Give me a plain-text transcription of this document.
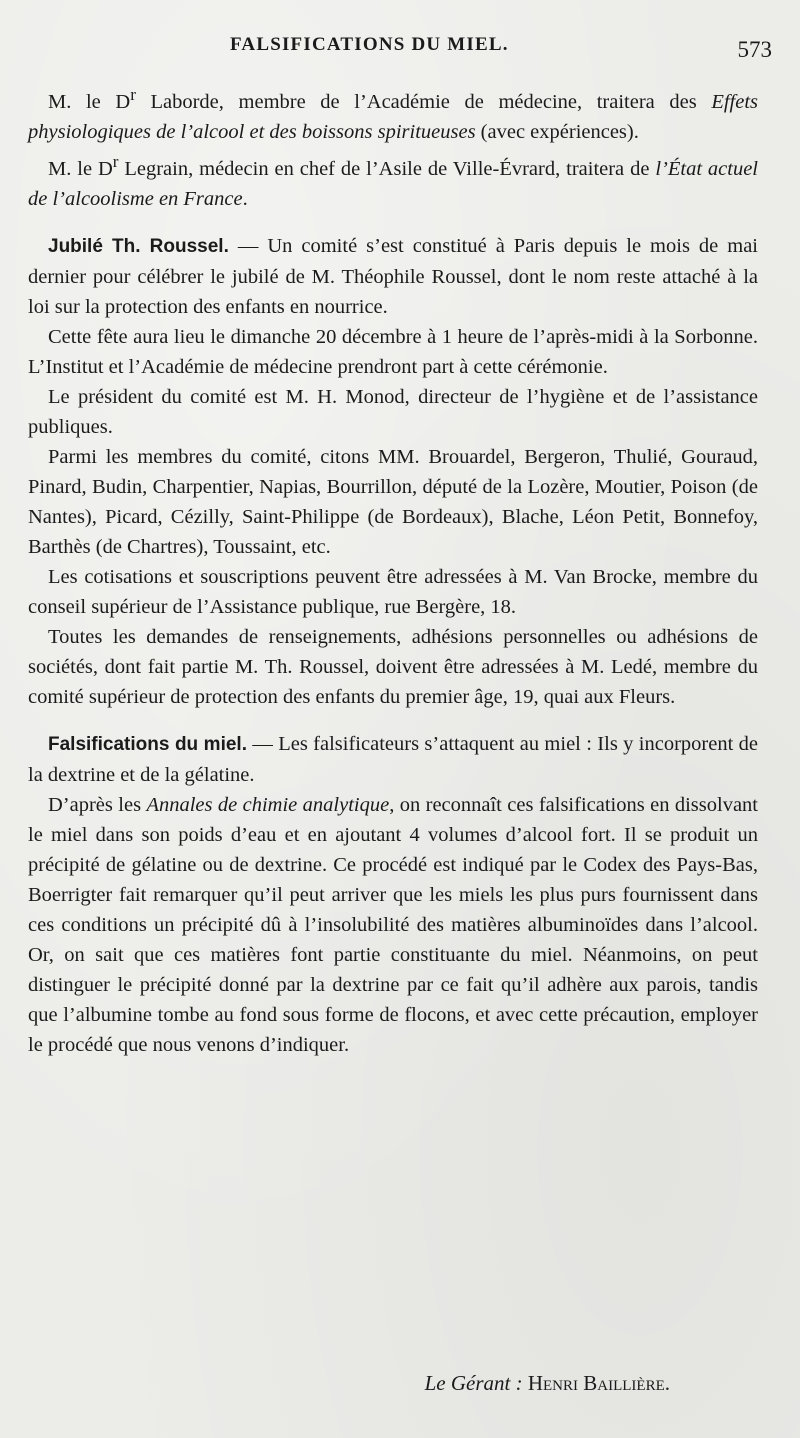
FALSIFICATIONS DU MIEL.	573

M. le $D^r$ Laborde, membre de l’Académie de médecine, traitera des Effets physiologiques de l’alcool et des boissons spiritueuses (avec expériences).

M. le $D^r$ Legrain, médecin en chef de l’Asile de Ville-Évrard, traitera de l’État actuel de l’alcoolisme en France.

Jubilé Th. Roussel. — Un comité s’est constitué à Paris depuis le mois de mai dernier pour célébrer le jubilé de M. Théophile Roussel, dont le nom reste attaché à la loi sur la protection des enfants en nourrice.

Cette fête aura lieu le dimanche 20 décembre à 1 heure de l’après-midi à la Sorbonne. L’Institut et l’Académie de médecine prendront part à cette cérémonie.

Le président du comité est M. H. Monod, directeur de l’hygiène et de l’assistance publiques.

Parmi les membres du comité, citons MM. Brouardel, Bergeron, Thulié, Gouraud, Pinard, Budin, Charpentier, Napias, Bourrillon, député de la Lozère, Moutier, Poison (de Nantes), Picard, Cézilly, Saint-Philippe (de Bordeaux), Blache, Léon Petit, Bonnefoy, Barthès (de Chartres), Toussaint, etc.

Les cotisations et souscriptions peuvent être adressées à M. Van Brocke, membre du conseil supérieur de l’Assistance publique, rue Bergère, 18.

Toutes les demandes de renseignements, adhésions personnelles ou adhésions de sociétés, dont fait partie M. Th. Roussel, doivent être adressées à M. Ledé, membre du comité supérieur de protection des enfants du premier âge, 19, quai aux Fleurs.

Falsifications du miel. — Les falsificateurs s’attaquent au miel : Ils y incorporent de la dextrine et de la gélatine.

D’après les Annales de chimie analytique, on reconnaît ces falsifications en dissolvant le miel dans son poids d’eau et en ajoutant 4 volumes d’alcool fort. Il se produit un précipité de gélatine ou de dextrine. Ce procédé est indiqué par le Codex des Pays-Bas, Boerrigter fait remarquer qu’il peut arriver que les miels les plus purs fournissent dans ces conditions un précipité dû à l’insolubilité des matières albuminoïdes dans l’alcool. Or, on sait que ces matières font partie constituante du miel. Néanmoins, on peut distinguer le précipité donné par la dextrine par ce fait qu’il adhère aux parois, tandis que l’albumine tombe au fond sous forme de flocons, et avec cette précaution, employer le procédé que nous venons d’indiquer.

Le Gérant : Henri Baillière.
